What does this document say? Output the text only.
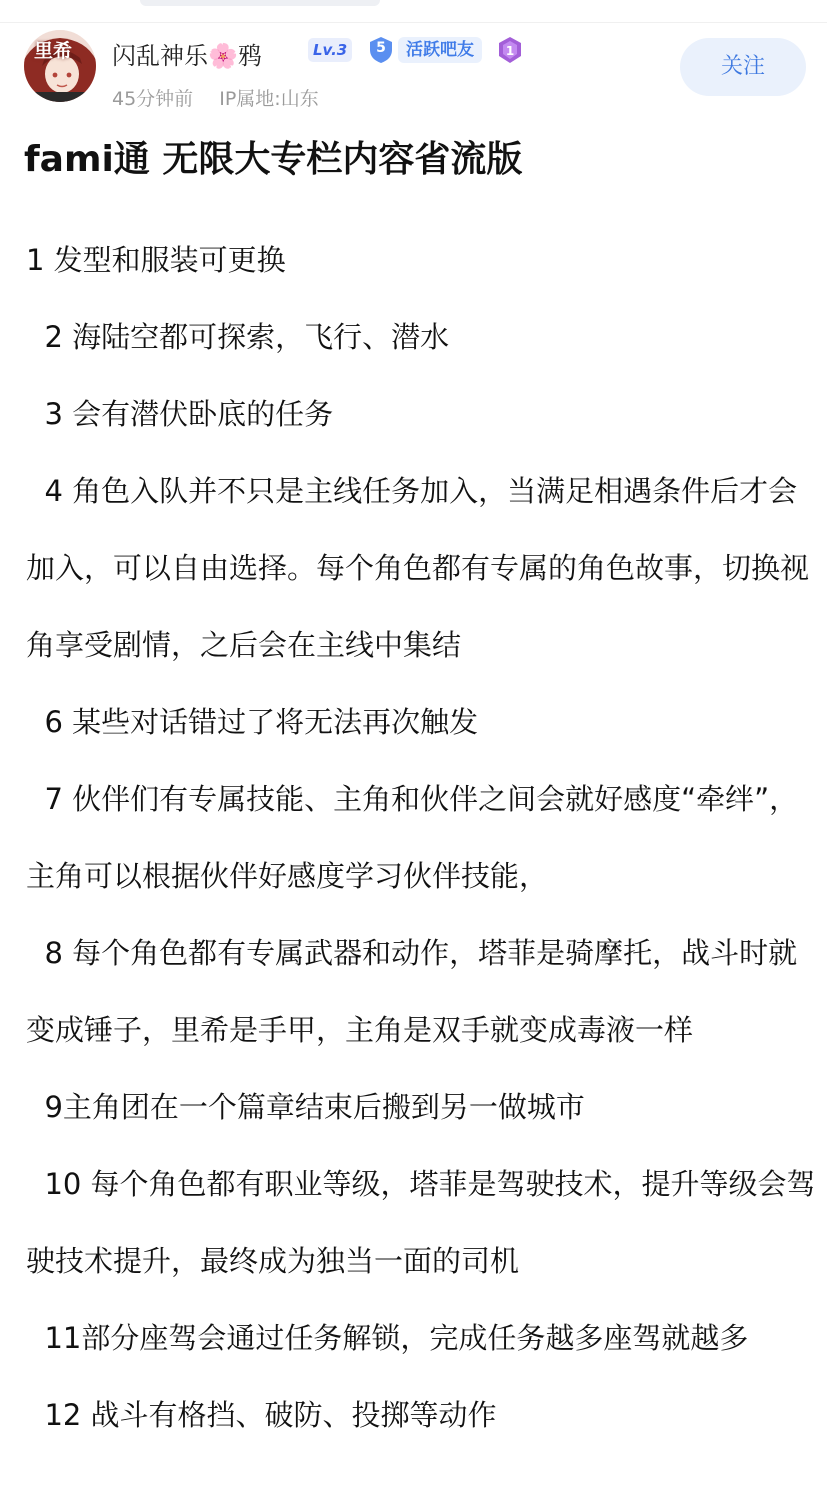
里希 闪乱神乐🌸鸦	Lv.3	5	活跃吧友	1
45分钟前 IP属地:山东
关注
fami通 无限大专栏内容省流版

1 发型和服装可更换

2 海陆空都可探索，飞行、潜水

3 会有潜伏卧底的任务

4 角色入队并不只是主线任务加入，当满足相遇条件后才会加入，可以自由选择。每个角色都有专属的角色故事，切换视角享受剧情，之后会在主线中集结

6 某些对话错过了将无法再次触发

7 伙伴们有专属技能、主角和伙伴之间会就好感度“牵绊”，主角可以根据伙伴好感度学习伙伴技能，

8 每个角色都有专属武器和动作，塔菲是骑摩托，战斗时就变成锤子，里希是手甲，主角是双手就变成毒液一样

9主角团在一个篇章结束后搬到另一做城市

10 每个角色都有职业等级，塔菲是驾驶技术，提升等级会驾驶技术提升，最终成为独当一面的司机

11部分座驾会通过任务解锁，完成任务越多座驾就越多

12 战斗有格挡、破防、投掷等动作
